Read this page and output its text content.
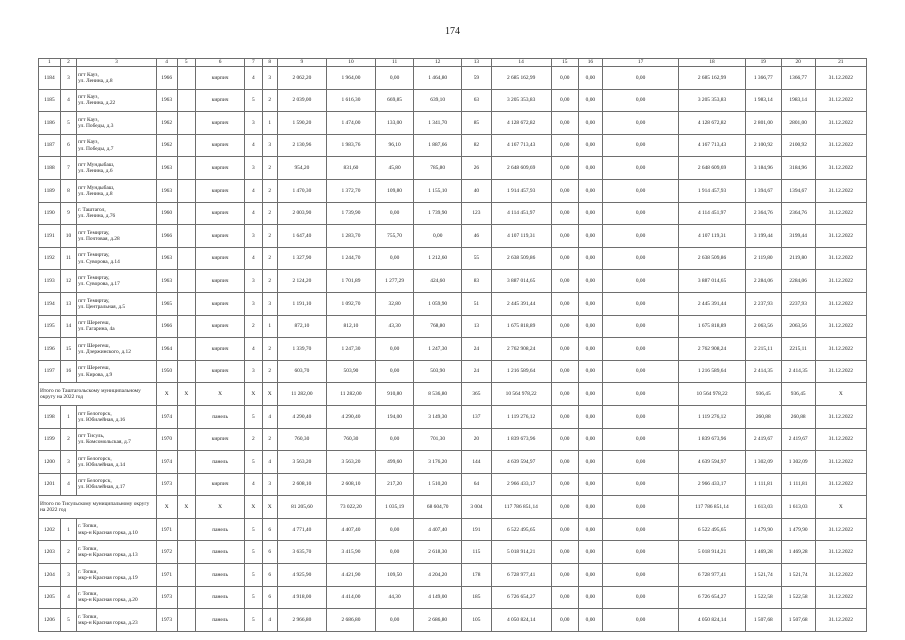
174
1	2	3	4	5	6	7	8	9	10	11	12	13	14	15	16	17	18	19	20	21
1184	3	пгт Кауз,
ул. Ленина, д.8	1966		кирпич	4	3	2 062,20	1 964,00	0,00	1 464,80	59	2 685 162,99	0,00	0,00	0,00	2 685 162,99	1 366,77	1366,77	31.12.2022
1185	4	пгт Кауз,
ул. Ленина, д.22	1963		кирпич	5	2	2 039,00	1 616,30	669,85	639,10	63	3 205 353,83	0,00	0,00	0,00	3 205 353,83	1 983,14	1983,14	31.12.2022
1186	5	пгт Кауз,
ул. Победы, д.3	1962		кирпич	3	1	1 590,20	1 474,00	133,00	1 341,70	85	4 128 672,82	0,00	0,00	0,00	4 128 672,82	2 801,00	2801,00	31.12.2022
1187	6	пгт Кауз,
ул. Победы, д.7	1962		кирпич	4	3	2 130,96	1 983,76	96,10	1 887,66	82	4 167 713,43	0,00	0,00	0,00	4 167 713,43	2 100,92	2100,92	31.12.2022
1188	7	пгт Мундыбаш,
ул. Ленина, д.6	1963		кирпич	3	2	954,20	831,60	45,80	785,80	26	2 648 609,69	0,00	0,00	0,00	2 648 609,69	3 184,96	3184,96	31.12.2022
1189	8	пгт Мундыбаш,
ул. Ленина, д.8	1963		кирпич	4	2	1 470,30	1 372,70	109,80	1 155,10	40	1 914 457,93	0,00	0,00	0,00	1 914 457,93	1 394,67	1394,67	31.12.2022
1190	9	г. Таштагол,
ул. Ленина, д.76	1960		кирпич	4	2	2 003,90	1 739,90	0,00	1 739,90	123	4 114 451,97	0,00	0,00	0,00	4 114 451,97	2 364,76	2364,76	31.12.2022
1191	10	пгт Темиртау,
ул. Почтовая, д.28	1966		кирпич	3	2	1 647,40	1 283,70	755,70	0,00	46	4 107 119,31	0,00	0,00	0,00	4 107 119,31	3 199,44	3199,44	31.12.2022
1192	11	пгт Темиртау,
ул. Суворова, д.14	1963		кирпич	4	2	1 327,90	1 244,70	0,00	1 212,60	55	2 638 509,86	0,00	0,00	0,00	2 638 509,86	2 119,80	2119,80	31.12.2022
1193	12	пгт Темиртау,
ул. Суворова, д.17	1963		кирпич	3	2	2 124,20	1 701,89	1 277,29	424,60	83	3 887 014,65	0,00	0,00	0,00	3 887 014,65	2 284,06	2284,06	31.12.2022
1194	13	пгт Темиртау,
ул. Центральная, д.5	1965		кирпич	3	3	1 191,10	1 092,70	32,80	1 059,90	51	2 445 391,44	0,00	0,00	0,00	2 445 391,44	2 237,93	2237,93	31.12.2022
1195	14	пгт Шерегеш,
ул. Гагарина, 4а	1966		кирпич	2	1	872,10	812,10	43,30	768,80	13	1 675 818,89	0,00	0,00	0,00	1 675 818,89	2 063,56	2063,56	31.12.2022
1196	15	пгт Шерегеш,
ул. Дзержинского, д.12	1964		кирпич	4	2	1 339,70	1 247,30	0,00	1 247,30	24	2 762 908,24	0,00	0,00	0,00	2 762 908,24	2 215,11	2215,11	31.12.2022
1197	16	пгт Шерегеш,
ул. Кирова, д.9	1950		кирпич	3	2	603,70	503,90	0,00	503,90	24	1 216 589,64	0,00	0,00	0,00	1 216 589,64	2 414,35	2 414,35	31.12.2022
Итого по Таштагольскому муниципальному округу на 2022 год			X	X	X	X	X	11 282,00	11 282,00	910,80	8 536,80	365	10 564 978,22	0,00	0,00	0,00	10 564 978,22	936,45	936,45	X
1198	1	пгт Белогорск,
ул. Юбилейная, д.16	1974		панель	5	4	4 290,40	4 290,40	194,00	3 149,30	137	1 119 276,12	0,00	0,00	0,00	1 119 276,12	260,88	260,88	31.12.2022
1199	2	пгт Тисуль,
ул. Комсомольская, д.7	1970		кирпич	2	2	760,30	760,30	0,00	701,30	20	1 839 673,96	0,00	0,00	0,00	1 839 673,96	2 419,67	2 419,67	31.12.2022
1200	3	пгт Белогорск,
ул. Юбилейная, д.14	1974		панель	5	4	3 563,20	3 563,20	499,60	3 176,20	144	4 639 594,97	0,00	0,00	0,00	4 639 594,97	1 302,09	1 302,09	31.12.2022
1201	4	пгт Белогорск,
ул. Юбилейная, д.17	1973		кирпич	4	3	2 608,10	2 608,10	217,20	1 510,20	64	2 966 433,17	0,00	0,00	0,00	2 966 433,17	1 111,81	1 111,81	31.12.2022
Итого по Тисульскому муниципальному округу на 2022 год			X	X	X	X	X	81 205,60	73 022,20	1 035,19	68 604,70	3 004	117 786 851,14	0,00	0,00	0,00	117 786 851,14	1 613,03	1 613,03	X
1202	1	г. Топки,
мкр-н Красная горка, д.10	1971		панель	5	6	4 771,40	4 407,40	0,00	4 407,40	191	6 522 495,65	0,00	0,00	0,00	6 522 495,65	1 479,90	1 479,90	31.12.2022
1203	2	г. Топки,
мкр-н Красная горка, д.13	1972		панель	5	6	3 635,70	3 415,90	0,00	2 618,30	115	5 018 914,21	0,00	0,00	0,00	5 018 914,21	1 469,28	1 469,28	31.12.2022
1204	3	г. Топки,
мкр-н Красная горка, д.19	1971		панель	5	6	4 925,90	4 421,90	109,50	4 204,20	178	6 728 977,41	0,00	0,00	0,00	6 728 977,41	1 521,74	1 521,74	31.12.2022
1205	4	г. Топки,
мкр-н Красная горка, д.20	1973		панель	5	6	4 918,00	4 414,00	44,30	4 149,00	185	6 726 654,27	0,00	0,00	0,00	6 726 654,27	1 522,58	1 522,58	31.12.2022
1206	5	г. Топки,
мкр-н Красная горка, д.23	1973		панель	5	4	2 966,80	2 686,80	0,00	2 686,80	105	4 050 824,14	0,00	0,00	0,00	4 050 824,14	1 507,68	1 507,68	31.12.2022
